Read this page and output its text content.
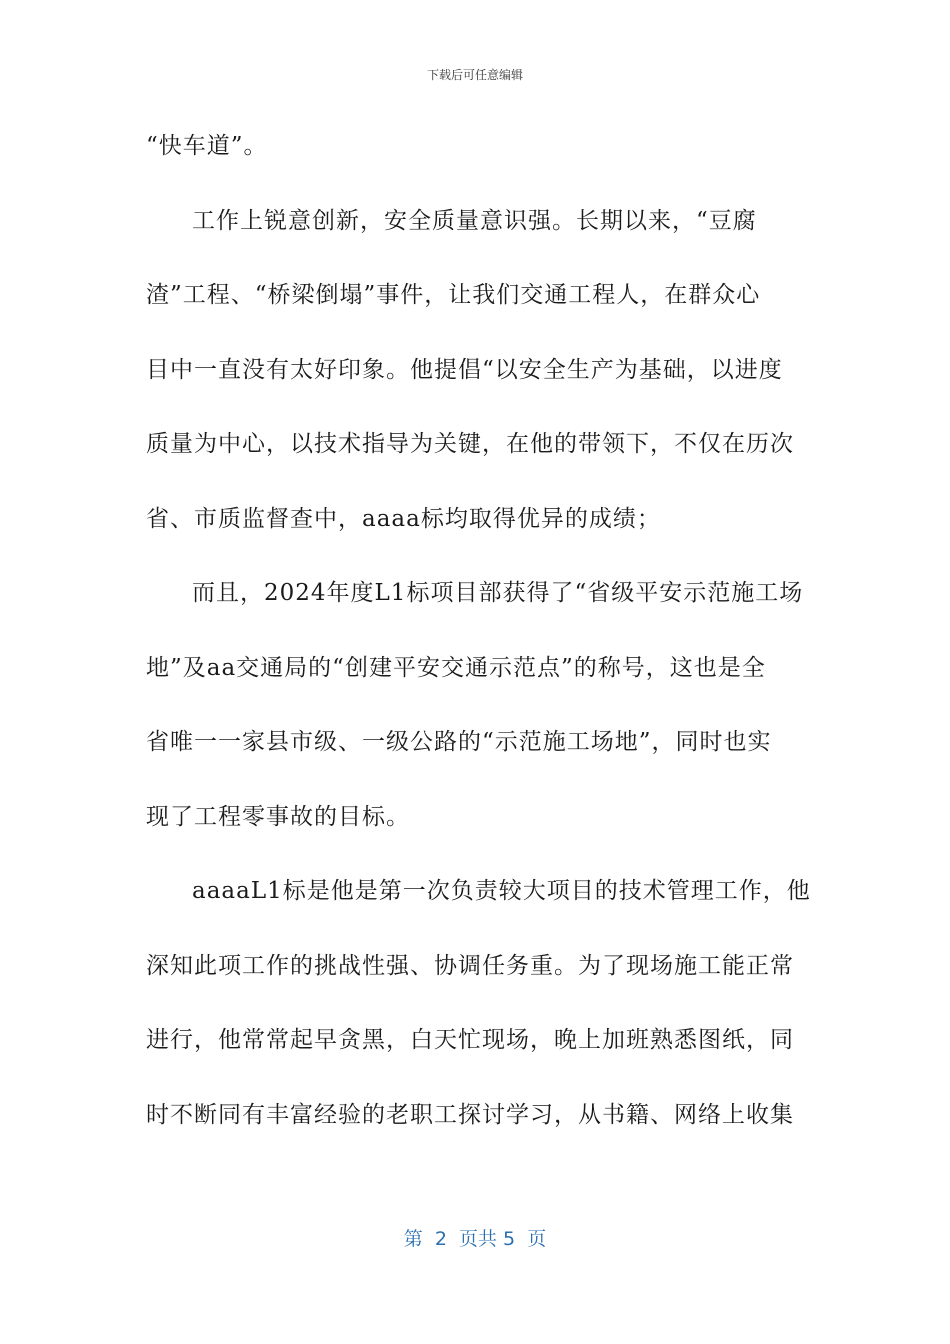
下载后可任意编辑
“快车道”。
工作上锐意创新，安全质量意识强。长期以来，“豆腐
渣”工程、“桥梁倒塌”事件，让我们交通工程人，在群众心
目中一直没有太好印象。他提倡“以安全生产为基础，以进度
质量为中心，以技术指导为关键，在他的带领下，不仅在历次
省、市质监督查中，aaaa标均取得优异的成绩；
而且，2024年度L1标项目部获得了“省级平安示范施工场
地”及aa交通局的“创建平安交通示范点”的称号，这也是全
省唯一一家县市级、一级公路的“示范施工场地”，同时也实
现了工程零事故的目标。
aaaaL1标是他是第一次负责较大项目的技术管理工作，他
深知此项工作的挑战性强、协调任务重。为了现场施工能正常
进行，他常常起早贪黑，白天忙现场，晚上加班熟悉图纸，同
时不断同有丰富经验的老职工探讨学习，从书籍、网络上收集
第  2  页共 5  页
